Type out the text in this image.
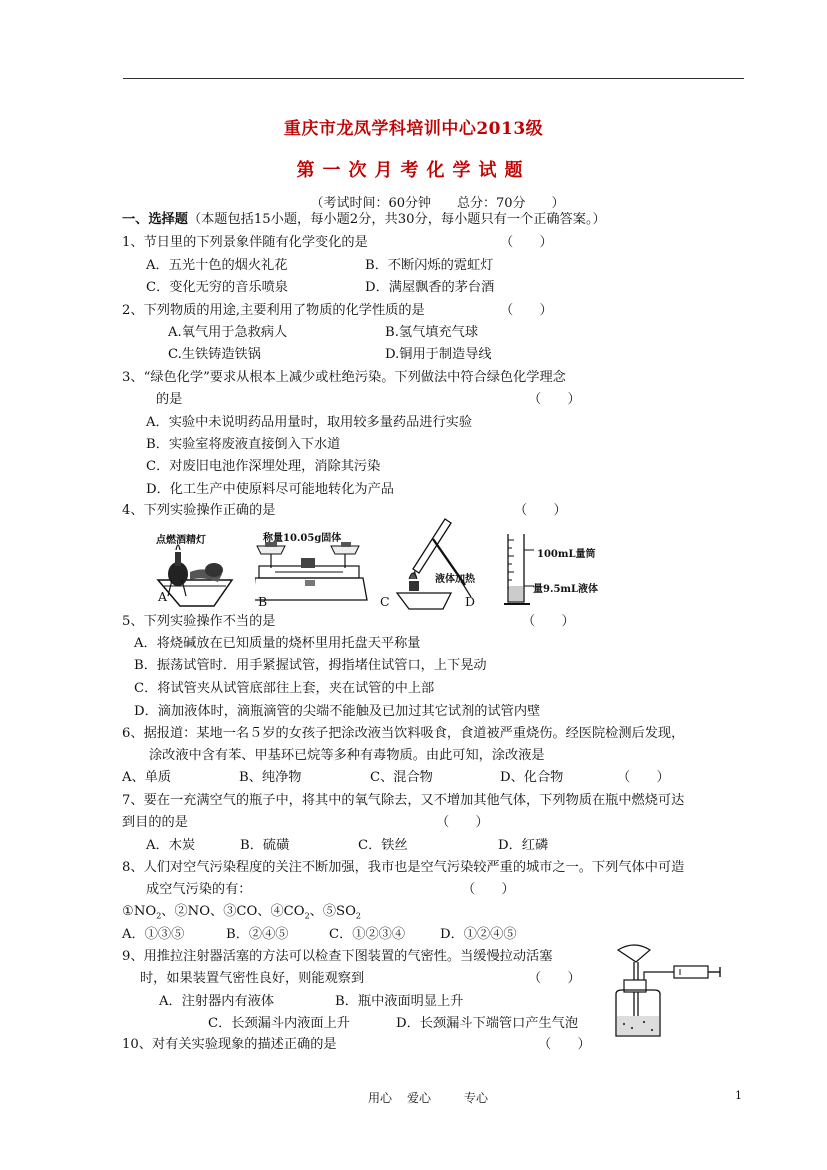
重庆市龙凤学科培训中心2013级
第一次月考化学试题
（考试时间：60分钟　　总分：70分　　）
一、选择题（本题包括15小题，每小题2分，共30分，每小题只有一个正确答案。）
1、节日里的下列景象伴随有化学变化的是	（　　）
A．五光十色的烟火礼花	B．不断闪烁的霓虹灯
C．变化无穷的音乐喷泉	D．满屋飘香的茅台酒
2、下列物质的用途,主要利用了物质的化学性质的是	（　　）
A.氧气用于急救病人	B.氢气填充气球
C.生铁铸造铁锅	D.铜用于制造导线
3、“绿色化学”要求从根本上减少或杜绝污染。下列做法中符合绿色化学理念
的是	（　　）
A．实验中未说明药品用量时，取用较多量药品进行实验
B．实验室将废液直接倒入下水道
C．对废旧电池作深埋处理，消除其污染
D．化工生产中使原料尽可能地转化为产品
4、下列实验操作正确的是	（　　）
点燃酒精灯	称量10.05g固体
液体加热
100mL量筒
量9.5mL液体
A	B	C	D
5、下列实验操作不当的是	（　　）
A．将烧碱放在已知质量的烧杯里用托盘天平称量
B．振荡试管时．用手紧握试管，拇指堵住试管口，上下晃动
C．将试管夹从试管底部往上套，夹在试管的中上部
D．滴加液体时，滴瓶滴管的尖端不能触及已加过其它试剂的试管内壁
6、据报道：某地一名５岁的女孩子把涂改液当饮料吸食，食道被严重烧伤。经医院检测后发现，
涂改液中含有苯、甲基环已烷等多种有毒物质。由此可知，涂改液是
A、单质	B、纯净物	C、混合物	D、化合物	（　　）
7、要在一充满空气的瓶子中，将其中的氧气除去，又不增加其他气体，下列物质在瓶中燃烧可达
到目的的是	（　　）
A．木炭	B．硫磺	C．铁丝	D．红磷
8、人们对空气污染程度的关注不断加强，我市也是空气污染较严重的城市之一。下列气体中可造
成空气污染的有：	（　　）
$①NO_2$、②NO、③CO、$④CO_2$、$⑤SO_2$
A．①③⑤	B．②④⑤	C．①②③④	D．①②④⑤
9、用推拉注射器活塞的方法可以检查下图装置的气密性。当缓慢拉动活塞
时，如果装置气密性良好，则能观察到	（　　）
A．注射器内有液体	B．瓶中液面明显上升
C．长颈漏斗内液面上升	D．长颈漏斗下端管口产生气泡
10、对有关实验现象的描述正确的是	（　　）
用心 爱心	专心	1
